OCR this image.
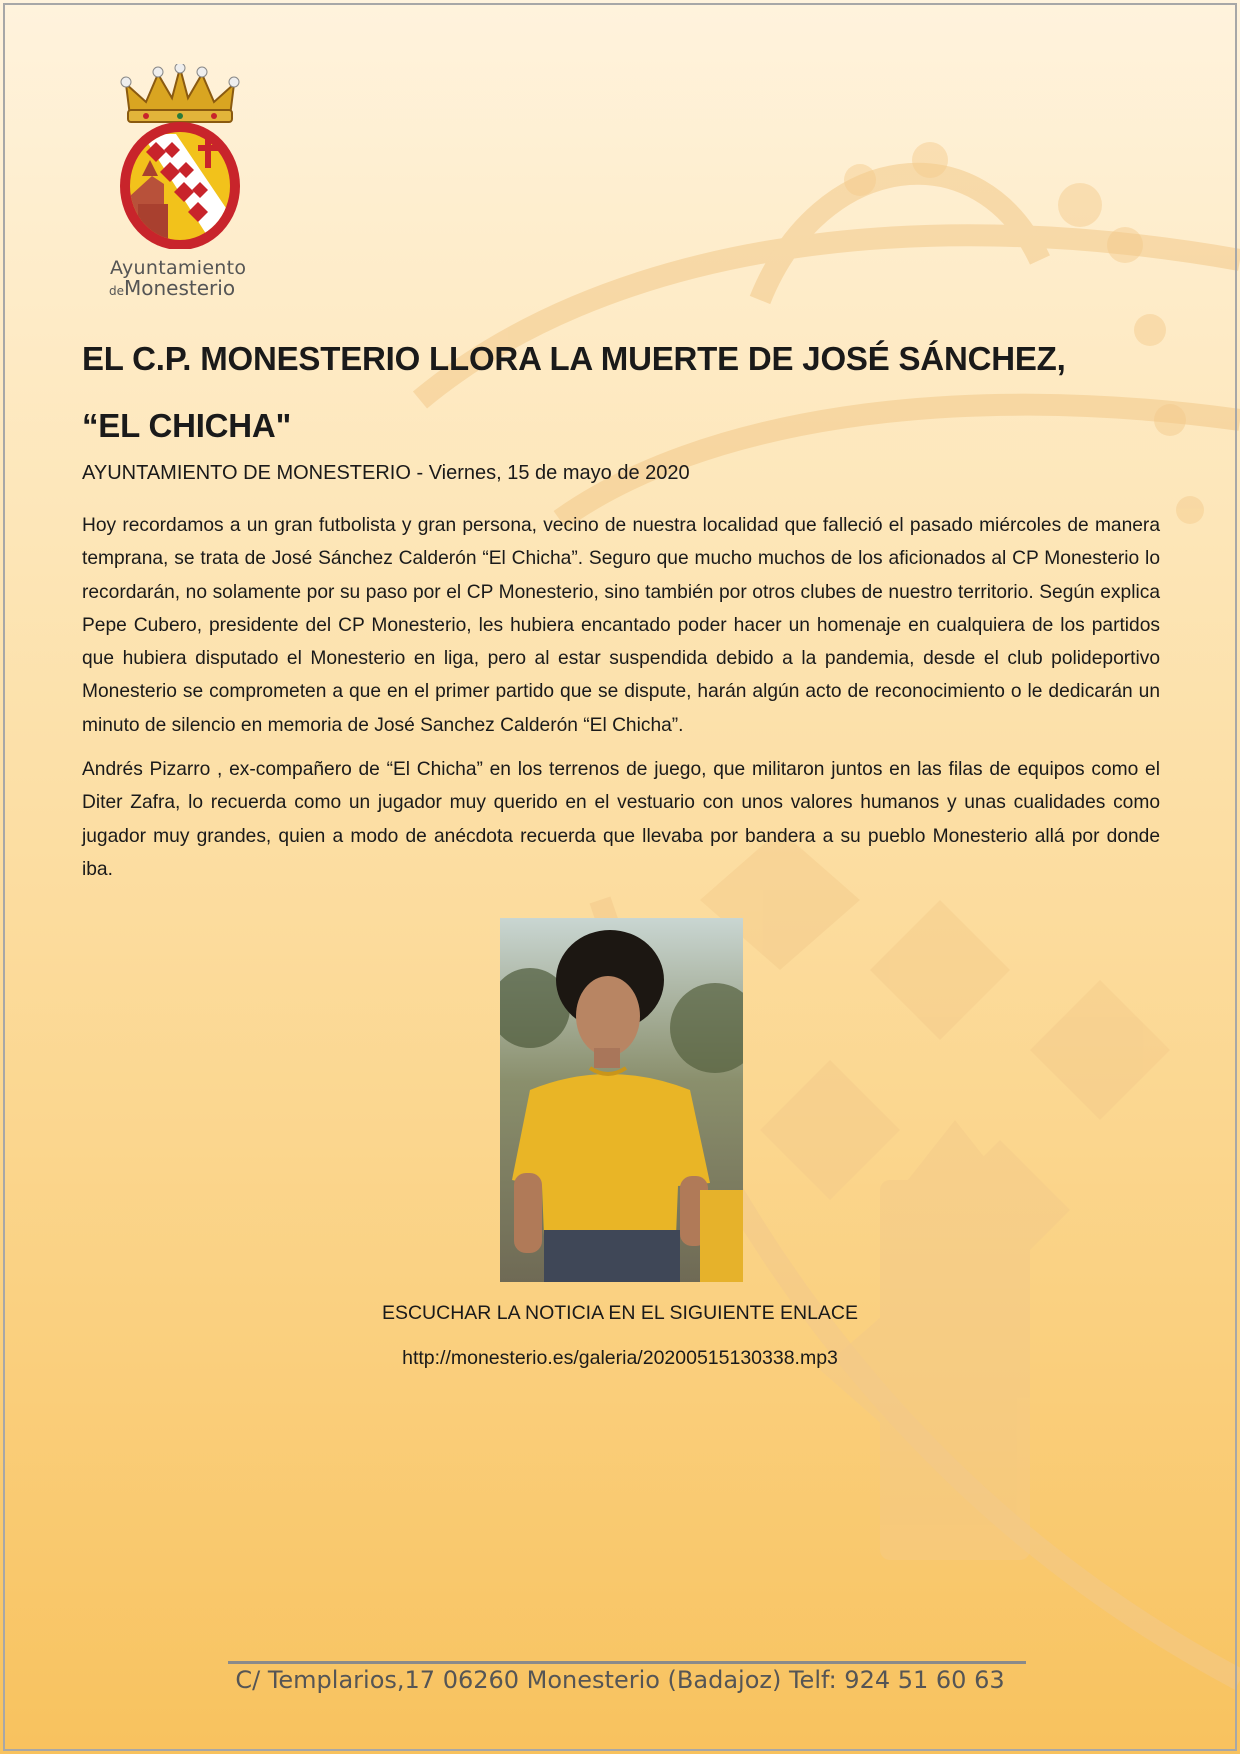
Ayuntamiento
deMonesterio
EL C.P. MONESTERIO LLORA LA MUERTE DE JOSÉ SÁNCHEZ,
“EL CHICHA"
AYUNTAMIENTO DE MONESTERIO - Viernes, 15 de mayo de 2020

Hoy recordamos a un gran futbolista y gran persona, vecino de nuestra localidad que falleció el pasado miércoles de manera temprana, se trata de José Sánchez Calderón “El Chicha”. Seguro que mucho muchos de los aficionados al CP Monesterio lo recordarán, no solamente por su paso por el CP Monesterio, sino también por otros clubes de nuestro territorio. Según explica Pepe Cubero, presidente del CP Monesterio, les hubiera encantado poder hacer un homenaje en cualquiera de los partidos que hubiera disputado el Monesterio en liga, pero al estar suspendida debido a la pandemia, desde el club polideportivo Monesterio se comprometen a que en el primer partido que se dispute, harán algún acto de reconocimiento o le dedicarán un minuto de silencio en memoria de José Sanchez Calderón “El Chicha”.

Andrés Pizarro , ex-compañero de “El Chicha” en los terrenos de juego, que militaron juntos en las filas de equipos como el Diter Zafra, lo recuerda como un jugador muy querido en el vestuario con unos valores humanos y unas cualidades como jugador muy grandes, quien a modo de anécdota recuerda que llevaba por bandera a su pueblo Monesterio allá por donde iba.

ESCUCHAR LA NOTICIA EN EL SIGUIENTE ENLACE
http://monesterio.es/galeria/20200515130338.mp3
C/ Templarios,17 06260 Monesterio (Badajoz) Telf: 924 51 60 63
